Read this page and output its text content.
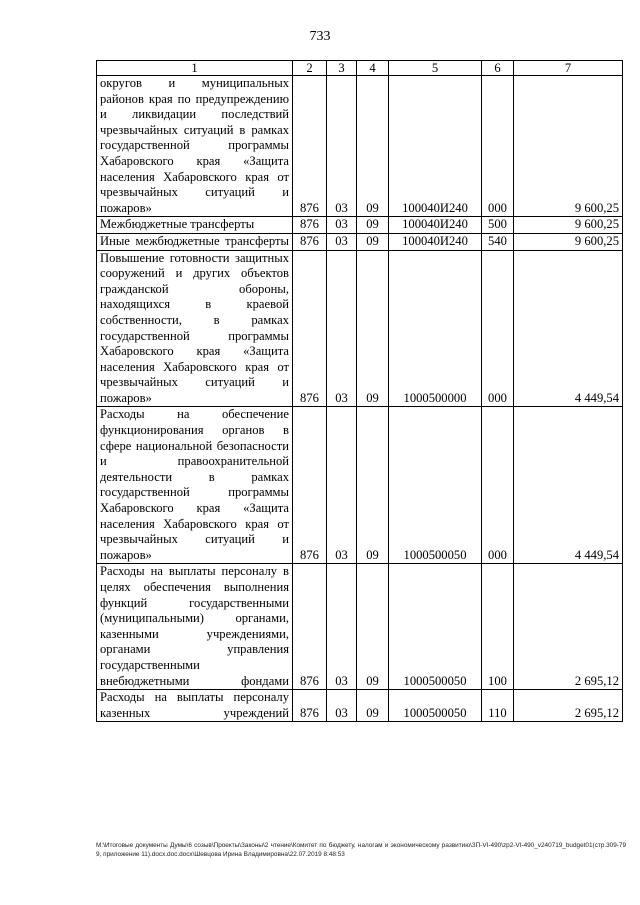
733
1	2	3	4	5	6	7
округов и муниципальных районов края по предупреждению и ликвидации последствий чрезвычайных ситуаций в рамках государственной программы Хабаровского края «Защита населения Хабаровского края от чрезвычайных ситуаций и пожаров»	876	03	09	100040И240	000	9 600,25
Межбюджетные трансферты	876	03	09	100040И240	500	9 600,25
Иные межбюджетные трансферты	876	03	09	100040И240	540	9 600,25
Повышение готовности защитных сооружений и других объектов гражданской обороны, находящихся в краевой собственности, в рамках государственной программы Хабаровского края «Защита населения Хабаровского края от чрезвычайных ситуаций и пожаров»	876	03	09	1000500000	000	4 449,54
Расходы на обеспечение функционирования органов в сфере национальной безопасности и правоохранительной деятельности в рамках государственной программы Хабаровского края «Защита населения Хабаровского края от чрезвычайных ситуаций и пожаров»	876	03	09	1000500050	000	4 449,54
Расходы на выплаты персоналу в целях обеспечения выполнения функций государственными (муниципальными) органами, казенными учреждениями, органами управления государственными внебюджетными фондами	876	03	09	1000500050	100	2 695,12
Расходы на выплаты персоналу казенных учреждений	876	03	09	1000500050	110	2 695,12
M:\Итоговые документы Думы\6 созыв\Проекты\Законы\2 чтение\Комитет по бюджету, налогам и экономическому развитию\ЗП-VI-490\zp2-VI-490_v240719_budget01(стр.309-799, приложение 11).docx.doc.docx\Шевцова Ирина Владимировна\22.07.2019 8:48:53
